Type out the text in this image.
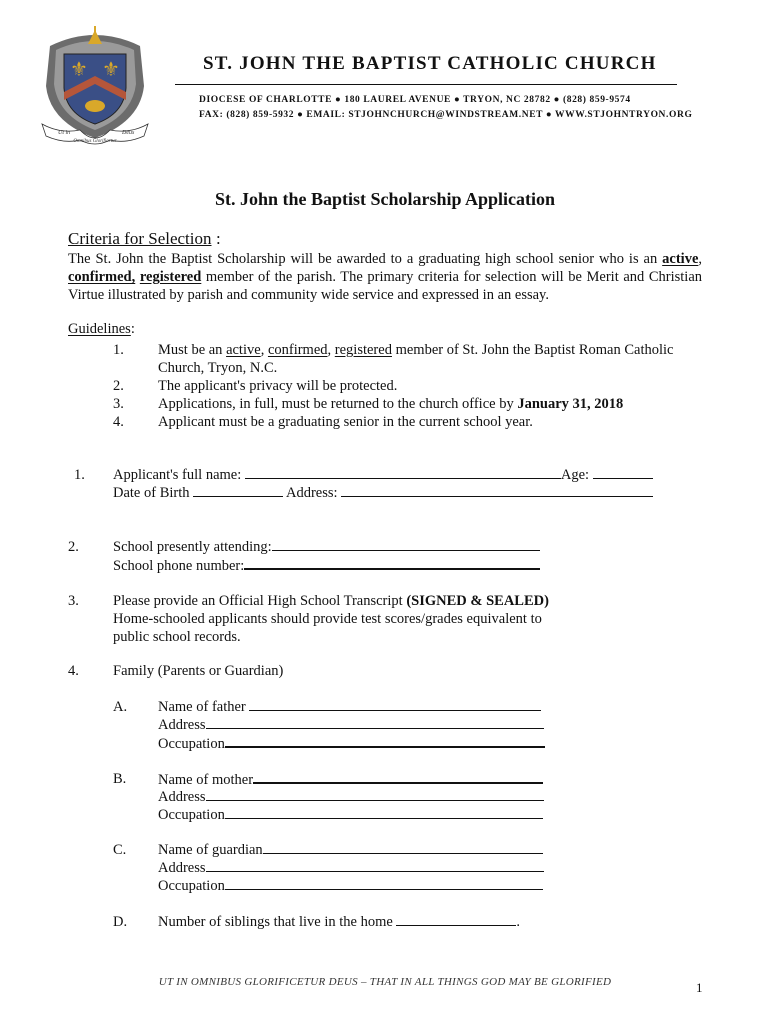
⚜ ⚜
Ut in	Deus
Omnibus Glorificetur
ST. JOHN THE BAPTIST CATHOLIC CHURCH
DIOCESE OF CHARLOTTE ● 180 LAUREL AVENUE ● TRYON, NC 28782 ● (828) 859-9574
FAX: (828) 859-5932 ● EMAIL: STJOHNCHURCH@WINDSTREAM.NET ● WWW.STJOHNTRYON.ORG
St. John the Baptist Scholarship Application
Criteria for Selection :
The St. John the Baptist Scholarship will be awarded to a graduating high school senior who is an active, confirmed, registered member of the parish. The primary criteria for selection will be Merit and Christian Virtue illustrated by parish and community wide service and expressed in an essay.
Guidelines:
1. Must be an active, confirmed, registered member of St. John the Baptist Roman Catholic
Church, Tryon, N.C.
2. The applicant's privacy will be protected.
3. Applications, in full, must be returned to the church office by January 31, 2018
4. Applicant must be a graduating senior in the current school year.
1. Applicant's full name:	Age:
Date of Birth	Address:
2. School presently attending:
School phone number:
3. Please provide an Official High School Transcript (SIGNED & SEALED)
Home-schooled applicants should provide test scores/grades equivalent to
public school records.
4. Family (Parents or Guardian)
A. Name of father
Address
Occupation
B. Name of mother
Address
Occupation
C. Name of guardian
Address
Occupation
D. Number of siblings that live in the home	.
UT IN OMNIBUS GLORIFICETUR DEUS – THAT IN ALL THINGS GOD MAY BE GLORIFIED	1
